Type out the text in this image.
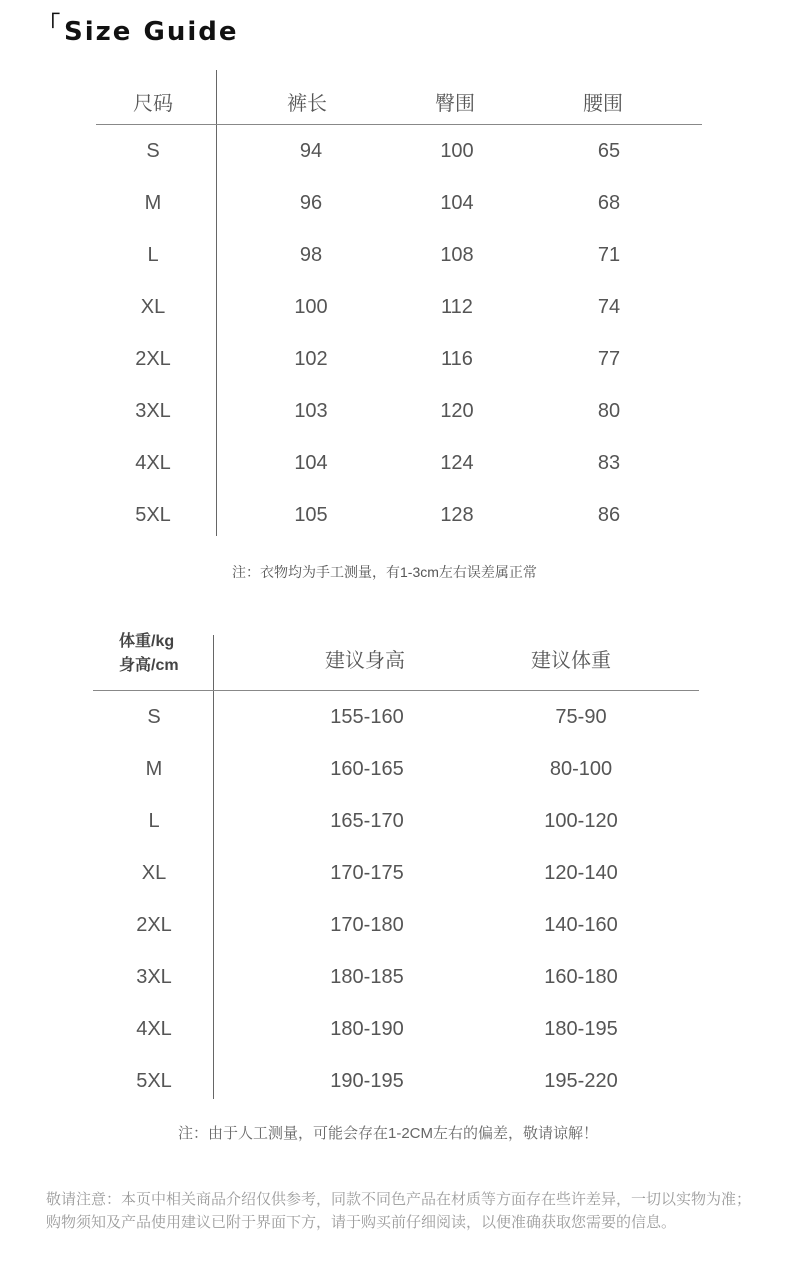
「Size Guide
尺码	裤长	臀围	腰围
S	94	100	65
M	96	104	68
L	98	108	71
XL	100	112	74
2XL	102	116	77
3XL	103	120	80
4XL	104	124	83
5XL	105	128	86
注：衣物均为手工测量，有1-3cm左右误差属正常
体重/kg
身高/cm	建议身高	建议体重
S	155-160	75-90
M	160-165	80-100
L	165-170	100-120
XL	170-175	120-140
2XL	170-180	140-160
3XL	180-185	160-180
4XL	180-190	180-195
5XL	190-195	195-220
注：由于人工测量，可能会存在1-2CM左右的偏差，敬请谅解！
敬请注意：本页中相关商品介绍仅供参考，同款不同色产品在材质等方面存在些许差异，一切以实物为准；购物须知及产品使用建议已附于界面下方，请于购买前仔细阅读，以便准确获取您需要的信息。
